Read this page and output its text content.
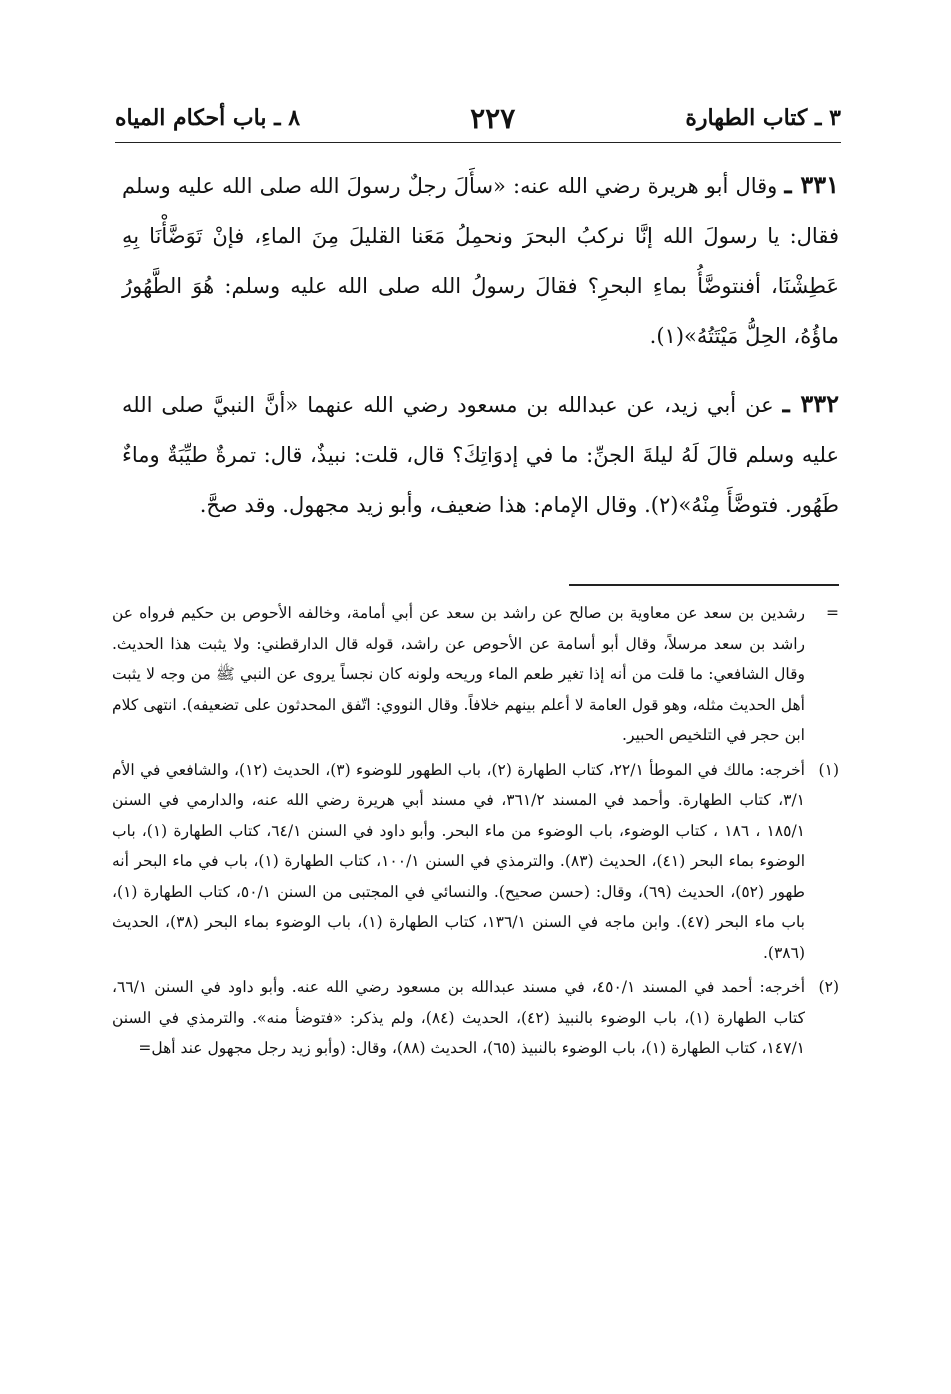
٣ ـ كتاب الطهارة
٢٢٧
٨ ـ باب أحكام المياه

٣٣١ ـ وقال أبو هريرة رضي الله عنه: «سأَلَ رجلٌ رسولَ الله صلى الله عليه وسلم فقال: يا رسولَ الله إنَّا نركبُ البحرَ ونحمِلُ مَعَنا القليلَ مِنَ الماءِ، فإنْ تَوَضَّأْنَا بِهِ عَطِشْنَا، أفنتوضَّأُ بماءِ البحرِ؟ فقالَ رسولُ الله صلى الله عليه وسلم: هُوَ الطَّهُورُ ماؤُهُ، الحِلُّ مَيْتَتُهُ»(١).

٣٣٢ ـ عن أبي زيد، عن عبدالله بن مسعود رضي الله عنهما «أنَّ النبيَّ صلى الله عليه وسلم قالَ لَهُ ليلةَ الجنِّ: ما في إدوَاتِكَ؟ قال، قلت: نبيذٌ، قال: تمرةٌ طيِّبَةٌ وماءٌ طَهُور. فتوضَّأَ مِنْهُ»(٢). وقال الإمام: هذا ضعيف، وأبو زيد مجهول. وقد صحَّ.

=
رشدين بن سعد عن معاوية بن صالح عن راشد بن سعد عن أبي أمامة، وخالفه الأحوص بن حكيم فرواه عن راشد بن سعد مرسلاً، وقال أبو أسامة عن الأحوص عن راشد، قوله قال الدارقطني: ولا يثبت هذا الحديث. وقال الشافعي: ما قلت من أنه إذا تغير طعم الماء وريحه ولونه كان نجساً يروى عن النبي ﷺ من وجه لا يثبت أهل الحديث مثله، وهو قول العامة لا أعلم بينهم خلافاً. وقال النووي: اتّفق المحدثون على تضعيفه). انتهى كلام ابن حجر في التلخيص الحبير.
(١)
أخرجه: مالك في الموطأ ٢٢/١، كتاب الطهارة (٢)، باب الطهور للوضوء (٣)، الحديث (١٢)، والشافعي في الأم ٣/١، كتاب الطهارة. وأحمد في المسند ٣٦١/٢، في مسند أبي هريرة رضي الله عنه، والدارمي في السنن ١٨٥/١ ، ١٨٦ ، كتاب الوضوء، باب الوضوء من ماء البحر. وأبو داود في السنن ٦٤/١، كتاب الطهارة (١)، باب الوضوء بماء البحر (٤١)، الحديث (٨٣). والترمذي في السنن ١٠٠/١، كتاب الطهارة (١)، باب في ماء البحر أنه طهور (٥٢)، الحديث (٦٩)، وقال: (حسن صحيح). والنسائي في المجتبى من السنن ٥٠/١، كتاب الطهارة (١)، باب ماء البحر (٤٧). وابن ماجه في السنن ١٣٦/١، كتاب الطهارة (١)، باب الوضوء بماء البحر (٣٨)، الحديث (٣٨٦).
(٢)
أخرجه: أحمد في المسند ٤٥٠/١، في مسند عبدالله بن مسعود رضي الله عنه. وأبو داود في السنن ٦٦/١، كتاب الطهارة (١)، باب الوضوء بالنبيذ (٤٢)، الحديث (٨٤)، ولم يذكر: «فتوضأ منه». والترمذي في السنن ١٤٧/١، كتاب الطهارة (١)، باب الوضوء بالنبيذ (٦٥)، الحديث (٨٨)، وقال: (وأبو زيد رجل مجهول عند أهل=
